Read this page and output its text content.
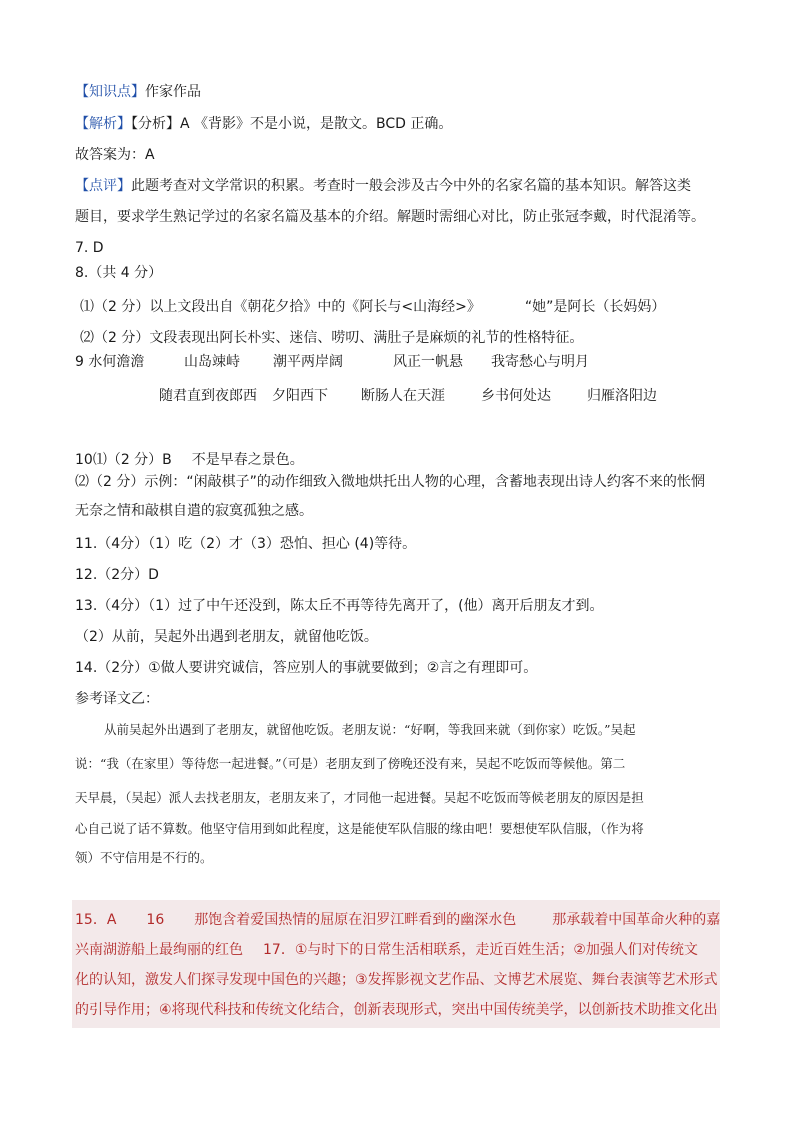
【知识点】作家作品
【解析】【分析】A 《背影》不是小说，是散文。BCD 正确。
故答案为：A
【点评】此题考查对文学常识的积累。考查时一般会涉及古今中外的名家名篇的基本知识。解答这类
题目，要求学生熟记学过的名家名篇及基本的介绍。解题时需细心对比，防止张冠李戴，时代混淆等。
7. D
8.（共 4 分）
⑴（2 分）以上文段出自《朝花夕拾》中的《阿长与<山海经>》	“她”是阿长（长妈妈）
⑵（2 分）文段表现出阿长朴实、迷信、唠叨、满肚子是麻烦的礼节的性格特征。
9 水何澹澹	山岛竦峙 潮平两岸阔	风正一帆悬 我寄愁心与明月
随君直到夜郎西 夕阳西下 断肠人在天涯	乡书何处达	归雁洛阳边
10⑴（2 分）B 不是早春之景色。
⑵（2 分）示例：“闲敲棋子”的动作细致入微地烘托出人物的心理，含蓄地表现出诗人约客不来的怅惘
无奈之情和敲棋自遣的寂寞孤独之感。
11.（4分）（1）吃（2）才（3）恐怕、担心 (4)等待。
12.（2分）D
13.（4分）（1）过了中午还没到，陈太丘不再等待先离开了，(他）离开后朋友才到。
（2）从前，吴起外出遇到老朋友，就留他吃饭。
14.（2分）①做人要讲究诚信，答应别人的事就要做到；②言之有理即可。
参考译文乙：
从前吴起外出遇到了老朋友，就留他吃饭。老朋友说：“好啊，等我回来就（到你家）吃饭。”吴起
说：“我（在家里）等待您一起进餐。”（可是）老朋友到了傍晚还没有来，吴起不吃饭而等候他。第二
天早晨，（吴起）派人去找老朋友，老朋友来了，才同他一起进餐。吴起不吃饭而等候老朋友的原因是担
心自己说了话不算数。他坚守信用到如此程度，这是能使军队信服的缘由吧！要想使军队信服，（作为将
领）不守信用是不行的。
15．A 16 那饱含着爱国热情的屈原在汨罗江畔看到的幽深水色	那承载着中国革命火种的嘉
兴南湖游船上最绚丽的红色 17．①与时下的日常生活相联系，走近百姓生活；②加强人们对传统文
化的认知，激发人们探寻发现中国色的兴趣；③发挥影视文艺作品、文博艺术展览、舞台表演等艺术形式
的引导作用；④将现代科技和传统文化结合，创新表现形式，突出中国传统美学，以创新技术助推文化出
